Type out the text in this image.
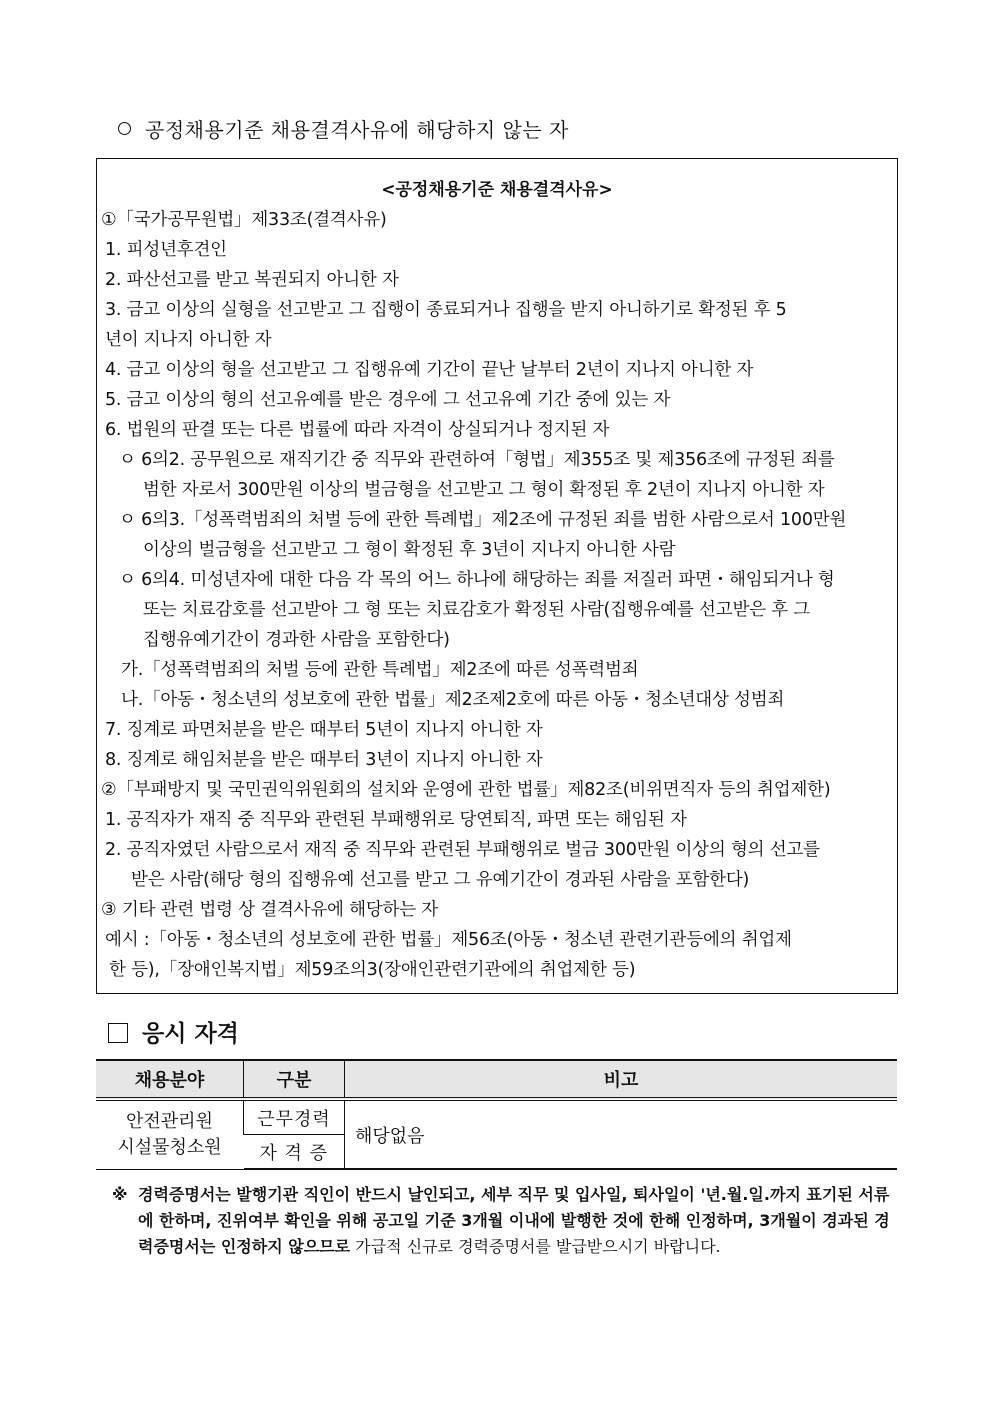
공정채용기준 채용결격사유에 해당하지 않는 자
<공정채용기준 채용결격사유>
①「국가공무원법」제33조(결격사유)
1. 피성년후견인
2. 파산선고를 받고 복권되지 아니한 자
3. 금고 이상의 실형을 선고받고 그 집행이 종료되거나 집행을 받지 아니하기로 확정된 후 5
년이 지나지 아니한 자
4. 금고 이상의 형을 선고받고 그 집행유예 기간이 끝난 날부터 2년이 지나지 아니한 자
5. 금고 이상의 형의 선고유예를 받은 경우에 그 선고유예 기간 중에 있는 자
6. 법원의 판결 또는 다른 법률에 따라 자격이 상실되거나 정지된 자
ㅇ 6의2. 공무원으로 재직기간 중 직무와 관련하여「형법」제355조 및 제356조에 규정된 죄를
범한 자로서 300만원 이상의 벌금형을 선고받고 그 형이 확정된 후 2년이 지나지 아니한 자
ㅇ 6의3.「성폭력범죄의 처벌 등에 관한 특례법」제2조에 규정된 죄를 범한 사람으로서 100만원
이상의 벌금형을 선고받고 그 형이 확정된 후 3년이 지나지 아니한 사람
ㅇ 6의4. 미성년자에 대한 다음 각 목의 어느 하나에 해당하는 죄를 저질러 파면・해임되거나 형
또는 치료감호를 선고받아 그 형 또는 치료감호가 확정된 사람(집행유예를 선고받은 후 그
집행유예기간이 경과한 사람을 포함한다)
가.「성폭력범죄의 처벌 등에 관한 특례법」제2조에 따른 성폭력범죄
나.「아동・청소년의 성보호에 관한 법률」제2조제2호에 따른 아동・청소년대상 성범죄
7. 징계로 파면처분을 받은 때부터 5년이 지나지 아니한 자
8. 징계로 해임처분을 받은 때부터 3년이 지나지 아니한 자
②「부패방지 및 국민권익위원회의 설치와 운영에 관한 법률」제82조(비위면직자 등의 취업제한)
1. 공직자가 재직 중 직무와 관련된 부패행위로 당연퇴직, 파면 또는 해임된 자
2. 공직자였던 사람으로서 재직 중 직무와 관련된 부패행위로 벌금 300만원 이상의 형의 선고를
받은 사람(해당 형의 집행유예 선고를 받고 그 유예기간이 경과된 사람을 포함한다)
③ 기타 관련 법령 상 결격사유에 해당하는 자
예시 :「아동・청소년의 성보호에 관한 법률」제56조(아동・청소년 관련기관등에의 취업제
한 등),「장애인복지법」제59조의3(장애인관련기관에의 취업제한 등)
응시 자격
채용분야	구분	비고

안전관리원
시설물청소원	근무경력	해당없음
	자 격 증	
※ 경력증명서는 발행기관 직인이 반드시 날인되고, 세부 직무 및 입사일, 퇴사일이 '년.월.일.까지 표기된 서류에 한하며, 진위여부 확인을 위해 공고일 기준 3개월 이내에 발행한 것에 한해 인정하며, 3개월이 경과된 경력증명서는 인정하지 않으므로 가급적 신규로 경력증명서를 발급받으시기 바랍니다.
